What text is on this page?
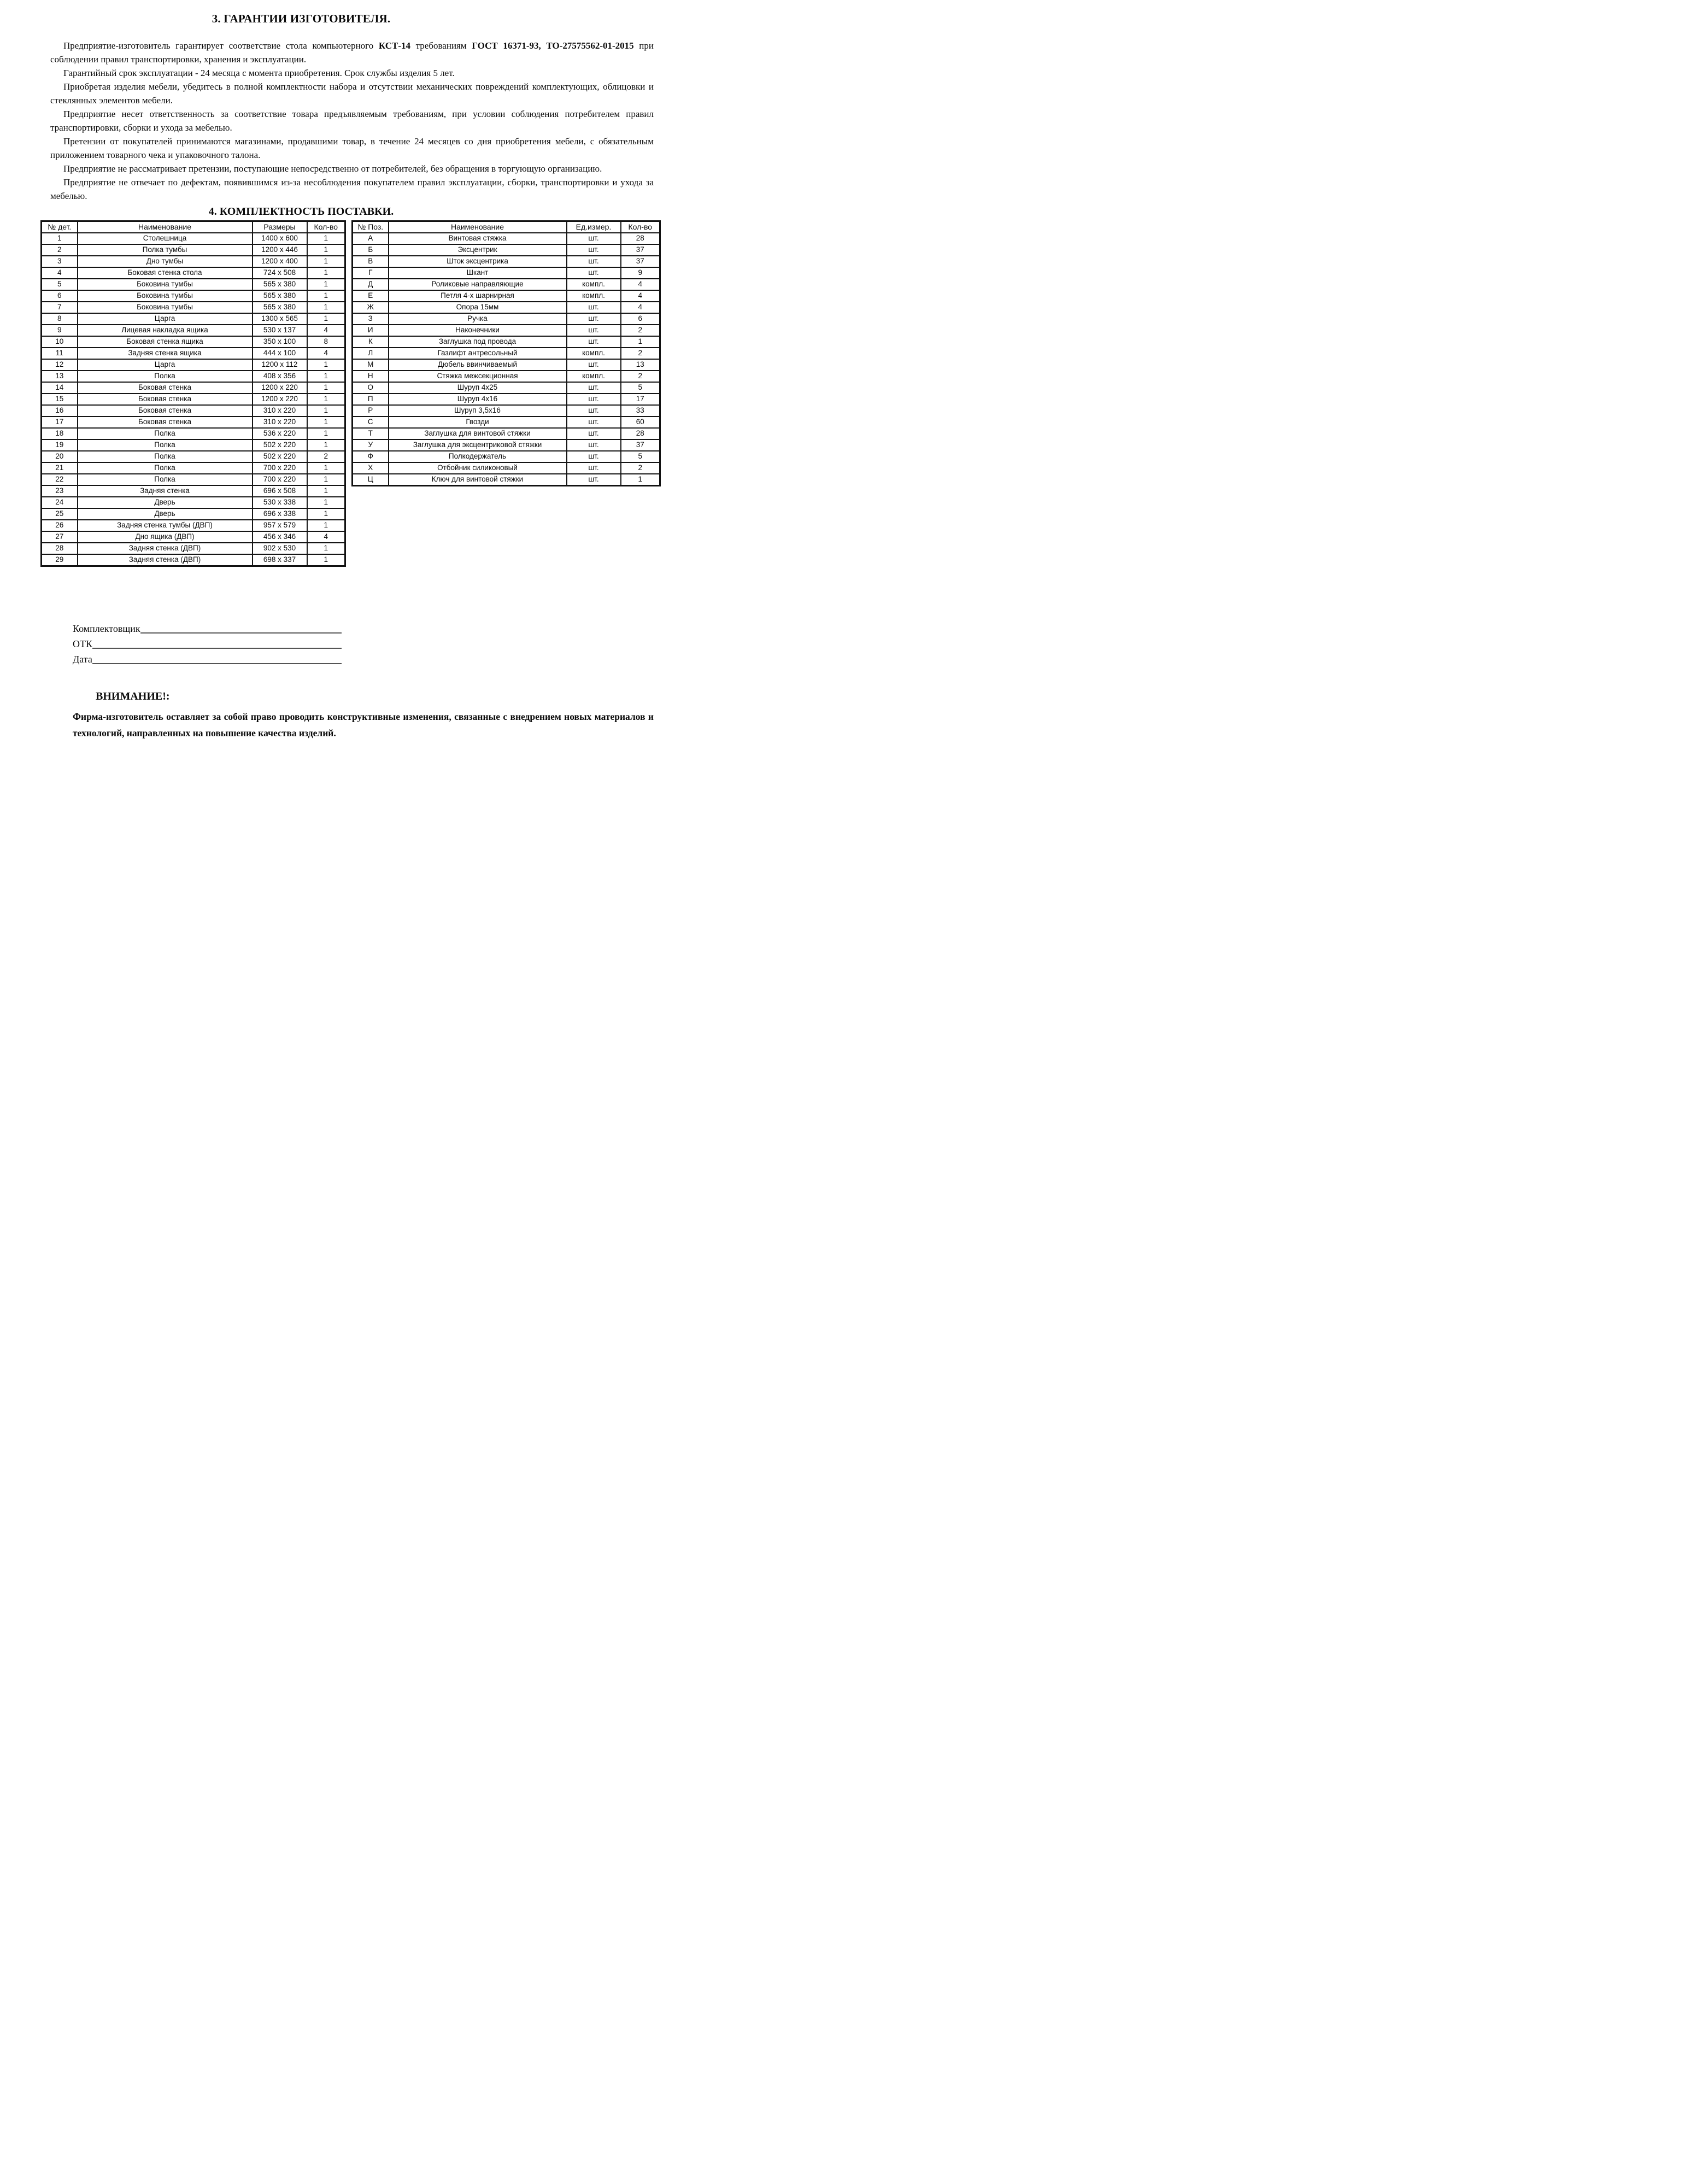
3. ГАРАНТИИ ИЗГОТОВИТЕЛЯ.

Предприятие-изготовитель гарантирует соответствие стола компьютерного КСТ-14 требованиям ГОСТ 16371-93, ТО-27575562-01-2015 при соблюдении правил транспортировки, хранения и эксплуатации.

Гарантийный срок эксплуатации - 24 месяца с момента приобретения. Срок службы изделия 5 лет.

Приобретая изделия мебели, убедитесь в полной комплектности набора и отсутствии механических повреждений комплектующих, облицовки и стеклянных элементов мебели.

Предприятие несет ответственность за соответствие товара предъявляемым требованиям, при условии соблюдения потребителем правил транспортировки, сборки и ухода за мебелью.

Претензии от покупателей принимаются магазинами, продавшими товар, в течение 24 месяцев со дня приобретения мебели, с обязательным приложением товарного чека и упаковочного талона.

Предприятие не рассматривает претензии, поступающие непосредственно от потребителей, без обращения в торгующую организацию.

Предприятие не отвечает по дефектам, появившимся из-за несоблюдения покупателем правил эксплуатации, сборки, транспортировки и ухода за мебелью.

4. КОМПЛЕКТНОСТЬ ПОСТАВКИ.
№ дет.	Наименование	Размеры	Кол-во
1	Столешница	1400 х 600	1
2	Полка тумбы	1200 х 446	1
3	Дно тумбы	1200 х 400	1
4	Боковая стенка стола	724 х 508	1
5	Боковина тумбы	565 х 380	1
6	Боковина тумбы	565 х 380	1
7	Боковина тумбы	565 х 380	1
8	Царга	1300 х 565	1
9	Лицевая накладка ящика	530 х 137	4
10	Боковая стенка ящика	350 х 100	8
11	Задняя стенка ящика	444 х 100	4
12	Царга	1200 х 112	1
13	Полка	408 х 356	1
14	Боковая стенка	1200 х 220	1
15	Боковая стенка	1200 х 220	1
16	Боковая стенка	310 х 220	1
17	Боковая стенка	310 х 220	1
18	Полка	536 х 220	1
19	Полка	502 х 220	1
20	Полка	502 х 220	2
21	Полка	700 х 220	1
22	Полка	700 х 220	1
23	Задняя стенка	696 х 508	1
24	Дверь	530 х 338	1
25	Дверь	696 х 338	1
26	Задняя стенка тумбы (ДВП)	957 х 579	1
27	Дно ящика (ДВП)	456 х 346	4
28	Задняя стенка (ДВП)	902 х 530	1
29	Задняя стенка (ДВП)	698 х 337	1
№ Поз.	Наименование	Ед.измер.	Кол-во
А	Винтовая стяжка	шт.	28
Б	Эксцентрик	шт.	37
В	Шток эксцентрика	шт.	37
Г	Шкант	шт.	9
Д	Роликовые направляющие	компл.	4
Е	Петля 4-х шарнирная	компл.	4
Ж	Опора 15мм	шт.	4
З	Ручка	шт.	6
И	Наконечники	шт.	2
К	Заглушка под провода	шт.	1
Л	Газлифт антресольный	компл.	2
М	Дюбель ввинчиваемый	шт.	13
Н	Стяжка межсекционная	компл.	2
О	Шуруп 4х25	шт.	5
П	Шуруп 4х16	шт.	17
Р	Шуруп 3,5х16	шт.	33
С	Гвозди	шт.	60
Т	Заглушка для винтовой стяжки	шт.	28
У	Заглушка для эксцентриковой стяжки	шт.	37
Ф	Полкодержатель	шт.	5
Х	Отбойник силиконовый	шт.	2
Ц	Ключ для винтовой стяжки	шт.	1
Комплектовщик
ОТК
Дата
ВНИМАНИЕ!:

Фирма-изготовитель оставляет за собой право проводить конструктивные изменения, связанные с внедрением новых материалов и технологий, направленных на повышение качества изделий.
